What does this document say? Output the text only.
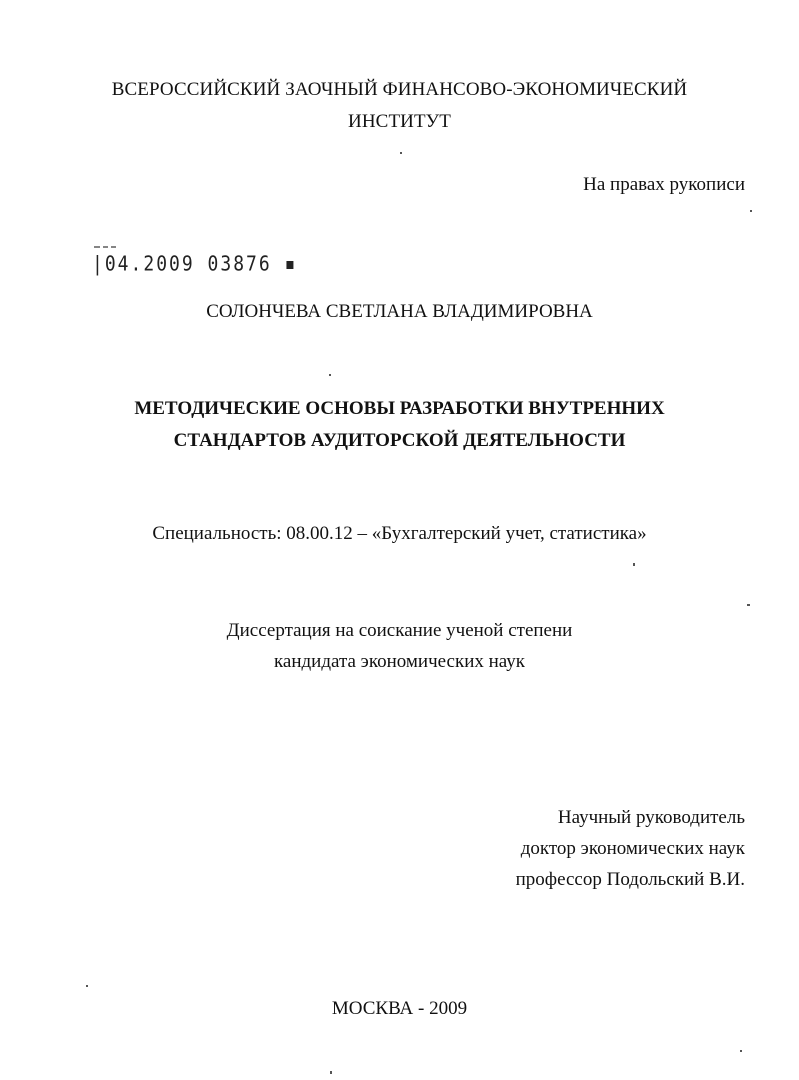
ВСЕРОССИЙСКИЙ ЗАОЧНЫЙ ФИНАНСОВО-ЭКОНОМИЧЕСКИЙ
ИНСТИТУТ
На правах рукописи
|04.2009 03876 ▪
СОЛОНЧЕВА СВЕТЛАНА ВЛАДИМИРОВНА
МЕТОДИЧЕСКИЕ ОСНОВЫ РАЗРАБОТКИ ВНУТРЕННИХ
СТАНДАРТОВ АУДИТОРСКОЙ ДЕЯТЕЛЬНОСТИ
Специальность: 08.00.12 – «Бухгалтерский учет, статистика»
Диссертация на соискание ученой степени
кандидата экономических наук
Научный руководитель
доктор экономических наук
профессор Подольский В.И.
МОСКВА - 2009
